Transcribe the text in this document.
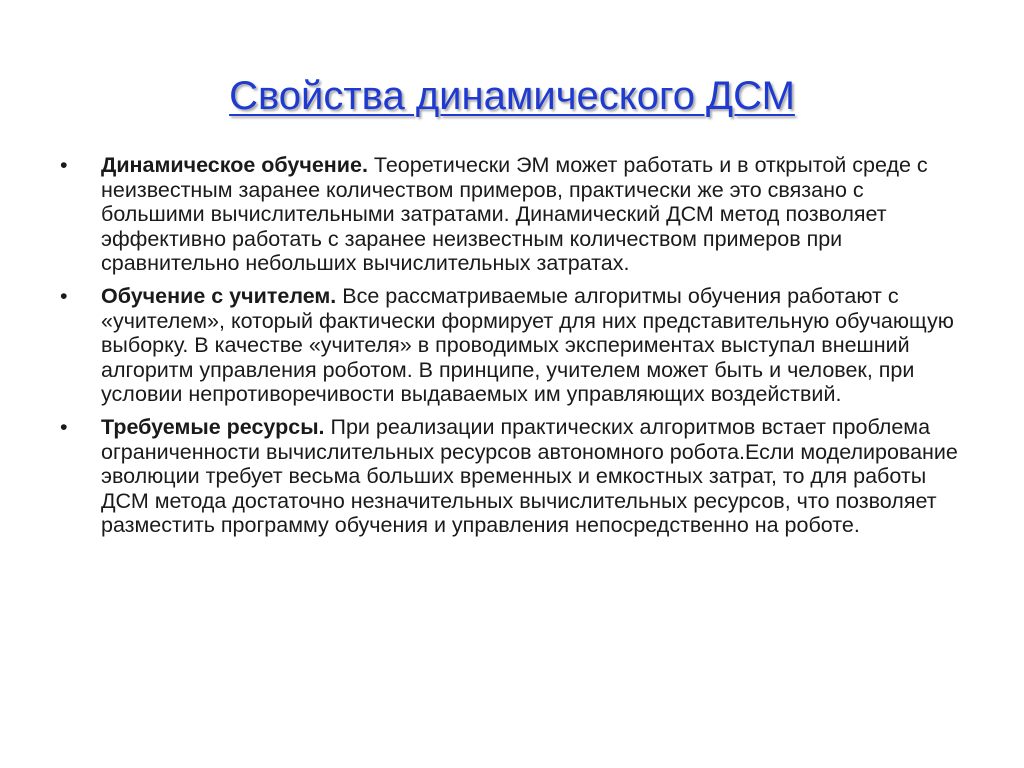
Свойства динамического ДСМ
•	Динамическое обучение. Теоретически ЭМ может работать и в открытой среде с неизвестным заранее количеством примеров, практически же это связано с большими вычислительными затратами. Динамический ДСМ метод позволяет эффективно работать с заранее неизвестным количеством примеров при сравнительно небольших вычислительных затратах.
•	Обучение с учителем. Все рассматриваемые алгоритмы обучения работают с «учителем», который фактически формирует для них представительную обучающую выборку. В качестве «учителя» в проводимых экспериментах выступал внешний алгоритм управления роботом. В принципе, учителем может быть и человек, при условии непротиворечивости выдаваемых им управляющих воздействий.
•	Требуемые ресурсы. При реализации практических алгоритмов встает проблема ограниченности вычислительных ресурсов автономного робота.Если моделирование эволюции требует весьма больших временных и емкостных затрат, то для работы ДСМ метода достаточно незначительных вычислительных ресурсов, что позволяет разместить программу обучения и управления непосредственно на роботе.
